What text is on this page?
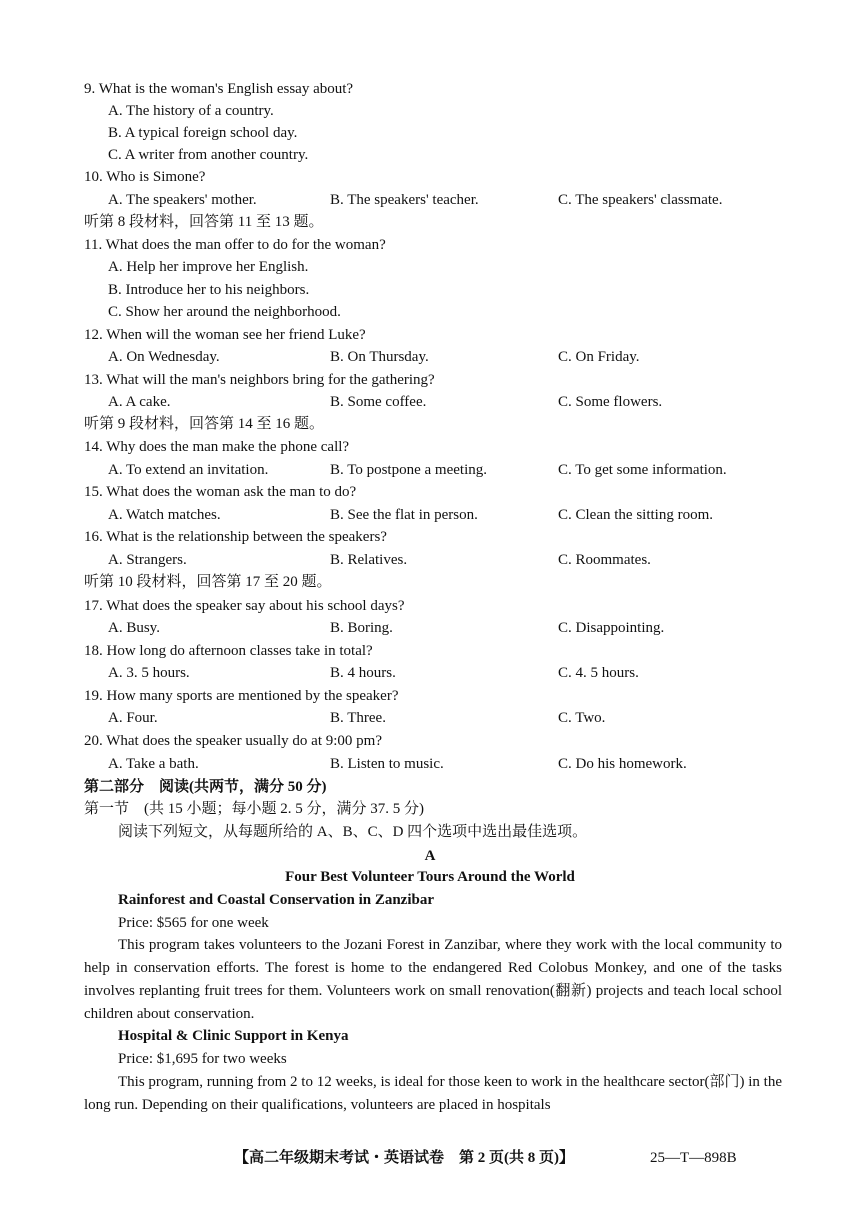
9. What is the woman's English essay about?
A. The history of a country.
B. A typical foreign school day.
C. A writer from another country.
10. Who is Simone?
A. The speakers' mother.	B. The speakers' teacher.	C. The speakers' classmate.
听第 8 段材料，回答第 11 至 13 题。
11. What does the man offer to do for the woman?
A. Help her improve her English.
B. Introduce her to his neighbors.
C. Show her around the neighborhood.
12. When will the woman see her friend Luke?
A. On Wednesday.	B. On Thursday.	C. On Friday.
13. What will the man's neighbors bring for the gathering?
A. A cake.	B. Some coffee.	C. Some flowers.
听第 9 段材料，回答第 14 至 16 题。
14. Why does the man make the phone call?
A. To extend an invitation.	B. To postpone a meeting.	C. To get some information.
15. What does the woman ask the man to do?
A. Watch matches.	B. See the flat in person.	C. Clean the sitting room.
16. What is the relationship between the speakers?
A. Strangers.	B. Relatives.	C. Roommates.
听第 10 段材料，回答第 17 至 20 题。
17. What does the speaker say about his school days?
A. Busy.	B. Boring.	C. Disappointing.
18. How long do afternoon classes take in total?
A. 3. 5 hours.	B. 4 hours.	C. 4. 5 hours.
19. How many sports are mentioned by the speaker?
A. Four.	B. Three.	C. Two.
20. What does the speaker usually do at 9:00 pm?
A. Take a bath.	B. Listen to music.	C. Do his homework.
第二部分　阅读(共两节，满分 50 分)
第一节　(共 15 小题；每小题 2. 5 分，满分 37. 5 分)
阅读下列短文，从每题所给的 A、B、C、D 四个选项中选出最佳选项。
A
Four Best Volunteer Tours Around the World
Rainforest and Coastal Conservation in Zanzibar
Price: $565 for one week
This program takes volunteers to the Jozani Forest in Zanzibar, where they work with the local community to help in conservation efforts. The forest is home to the endangered Red Colobus Monkey, and one of the tasks involves replanting fruit trees for them. Volunteers work on small renovation(翻新) projects and teach local school children about conservation.
Hospital & Clinic Support in Kenya
Price: $1,695 for two weeks
This program, running from 2 to 12 weeks, is ideal for those keen to work in the healthcare sector(部门) in the long run. Depending on their qualifications, volunteers are placed in hospitals
【高二年级期末考试・英语试卷　第 2 页(共 8 页)】	25—T—898B
